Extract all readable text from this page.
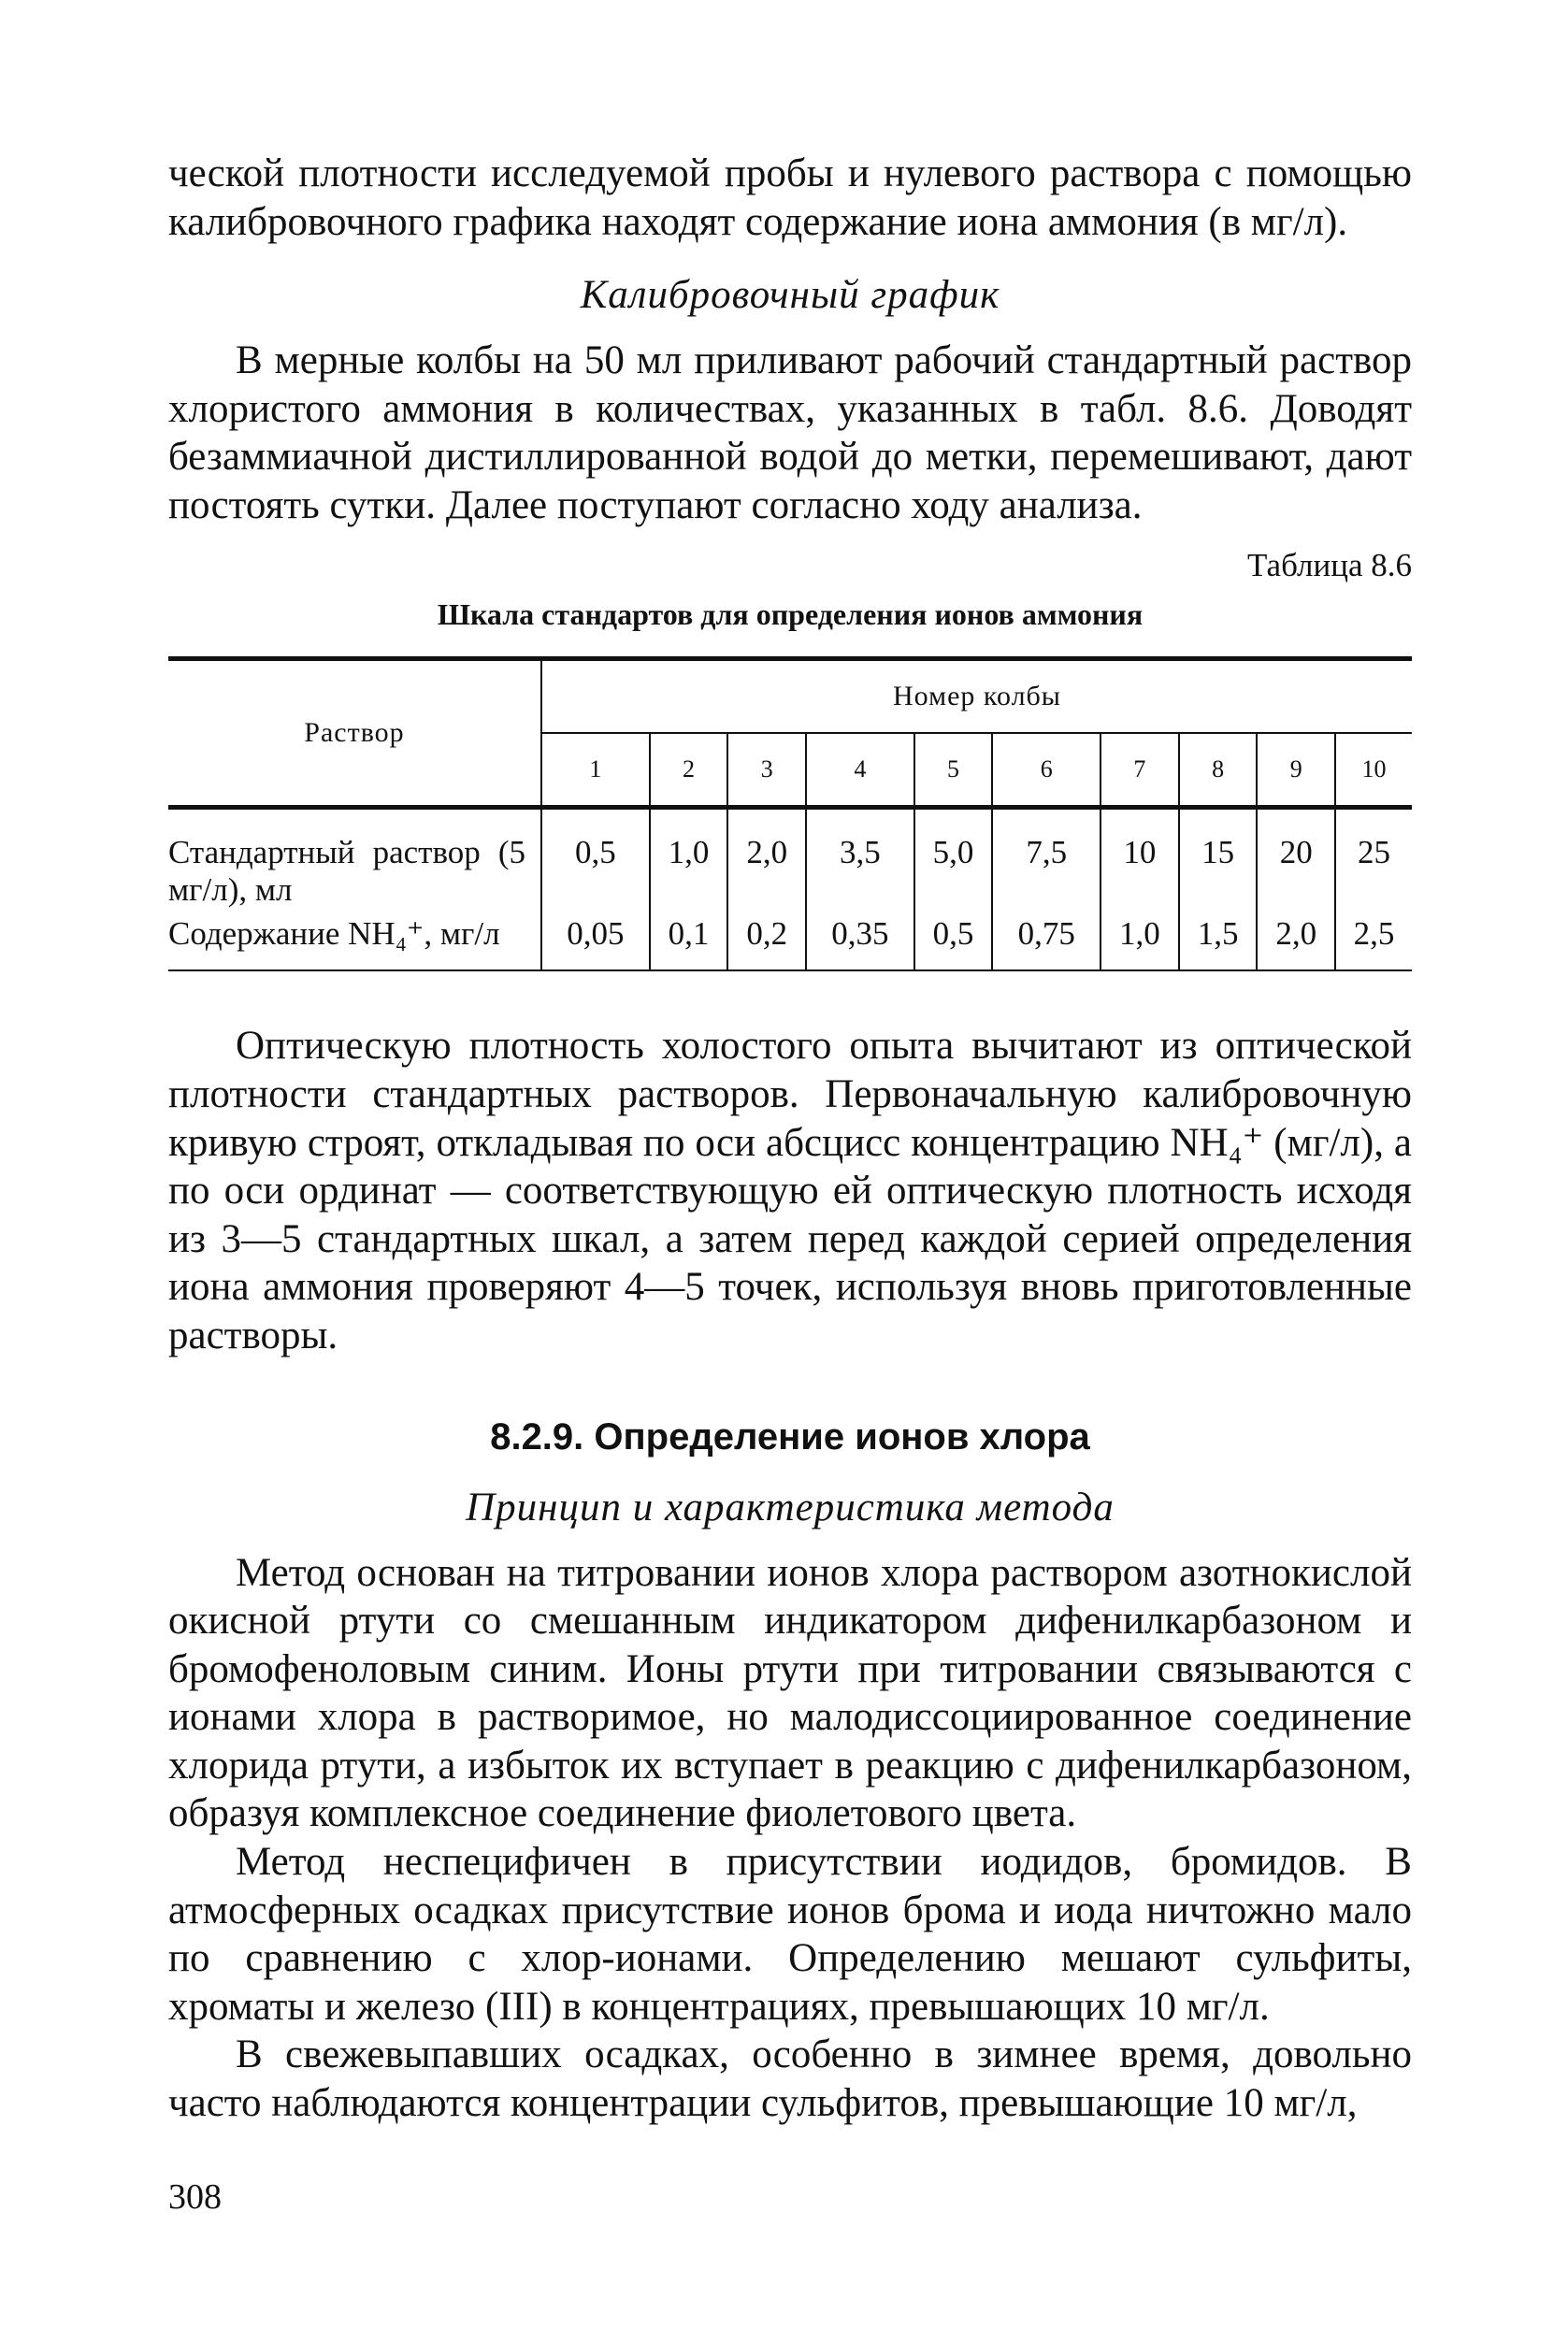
ческой плотности исследуемой пробы и нулевого раствора с помощью калибровочного графика находят содержание иона аммония (в мг/л).

Калибровочный график

В мерные колбы на 50 мл приливают рабочий стандартный раствор хлористого аммония в количествах, указанных в табл. 8.6. Доводят безаммиачной дистиллированной водой до метки, перемешивают, дают постоять сутки. Далее поступают согласно ходу анализа.

Таблица 8.6
Шкала стандартов для определения ионов аммония
Раствор	Номер колбы									
	1	2	3	4	5	6	7	8	9	10
Стандартный раствор (5 мг/л), мл	0,5	1,0	2,0	3,5	5,0	7,5	10	15	20	25
Содержание NH₄⁺, мг/л	0,05	0,1	0,2	0,35	0,5	0,75	1,0	1,5	2,0	2,5

Оптическую плотность холостого опыта вычитают из оптической плотности стандартных растворов. Первоначальную калибровочную кривую строят, откладывая по оси абсцисс концентрацию NH₄⁺ (мг/л), а по оси ординат — соответствующую ей оптическую плотность исходя из 3—5 стандартных шкал, а затем перед каждой серией определения иона аммония проверяют 4—5 точек, используя вновь приготовленные растворы.

8.2.9. Определение ионов хлора
Принцип и характеристика метода

Метод основан на титровании ионов хлора раствором азотнокислой окисной ртути со смешанным индикатором дифенилкарбазоном и бромофеноловым синим. Ионы ртути при титровании связываются с ионами хлора в растворимое, но малодиссоциированное соединение хлорида ртути, а избыток их вступает в реакцию с дифенилкарбазоном, образуя комплексное соединение фиолетового цвета.

Метод неспецифичен в присутствии иодидов, бромидов. В атмосферных осадках присутствие ионов брома и иода ничтожно мало по сравнению с хлор-ионами. Определению мешают сульфиты, хроматы и железо (III) в концентрациях, превышающих 10 мг/л.

В свежевыпавших осадках, особенно в зимнее время, довольно часто наблюдаются концентрации сульфитов, превышающие 10 мг/л,

308
